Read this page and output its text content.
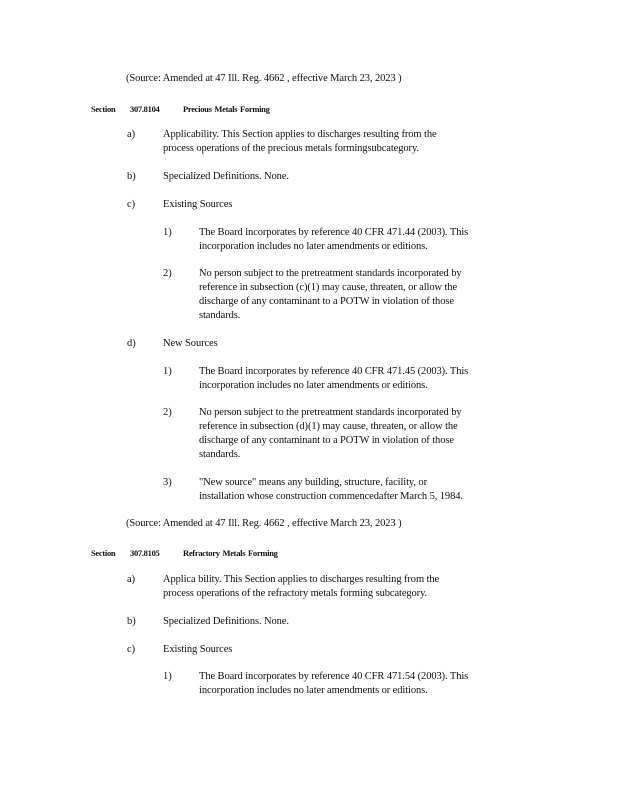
(Source: Amended at 47 Ill. Reg. 4662 , effective March 23, 2023 )
Section 307.8104	Precious Metals Forming
a)	Applicability. This Section applies to discharges resulting from the
process operations of the precious metals formingsubcategory.
b)	Specialized Definitions. None.
c)	Existing Sources
1)	The Board incorporates by reference 40 CFR 471.44 (2003). This
incorporation includes no later amendments or editions.
2)	No person subject to the pretreatment standards incorporated by
reference in subsection (c)(1) may cause, threaten, or allow the
discharge of any contaminant to a POTW in violation of those
standards.
d)	New Sources
1)	The Board incorporates by reference 40 CFR 471.45 (2003). This
incorporation includes no later amendments or editions.
2)	No person subject to the pretreatment standards incorporated by
reference in subsection (d)(1) may cause, threaten, or allow the
discharge of any contaminant to a POTW in violation of those
standards.
3)	"New source" means any building, structure, facility, or
installation whose construction commencedafter March 5, 1984.
(Source: Amended at 47 Ill. Reg. 4662 , effective March 23, 2023 )
Section 307.8105	Refractory Metals Forming
a)	Applica bility. This Section applies to discharges resulting from the
process operations of the refractory metals forming subcategory.
b)	Specialized Definitions. None.
c)	Existing Sources
1)	The Board incorporates by reference 40 CFR 471.54 (2003). This
incorporation includes no later amendments or editions.
